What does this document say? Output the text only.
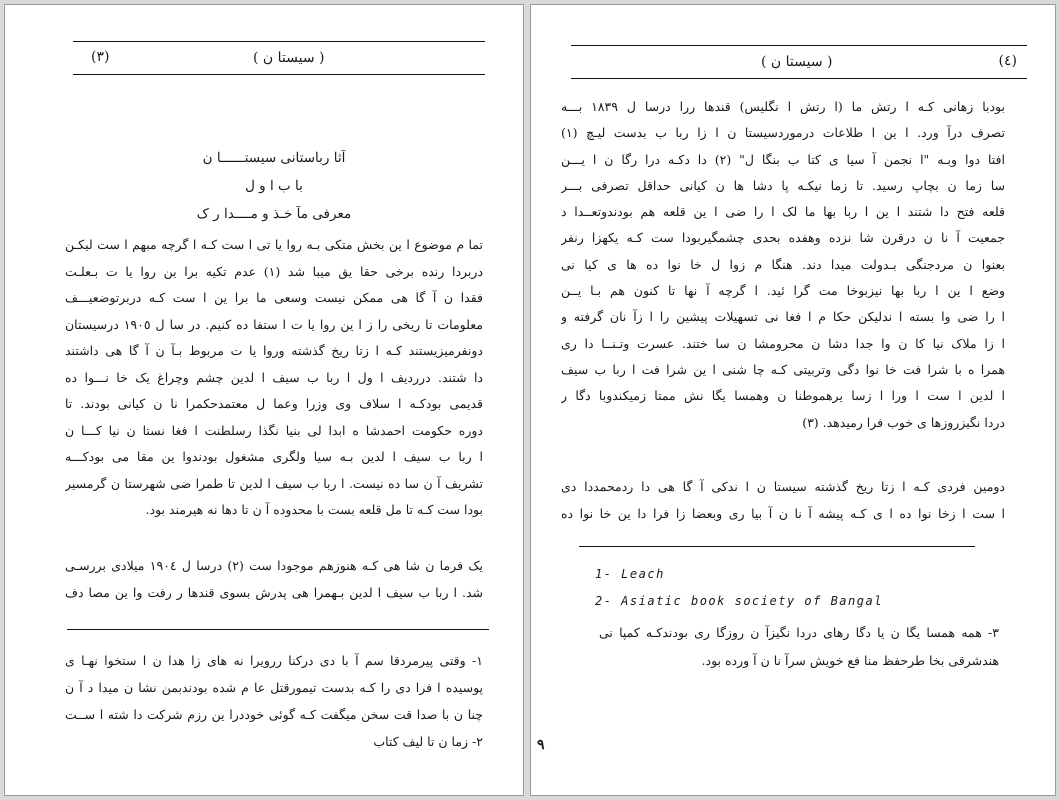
( سيستا ن )
(٣)
آثا رباستانی سيستــــــا ن
با ب ا و ل
معرفی مآ خـذ و مــــدا ر ک
تما م موضوع ا ين بخش متکی بـه روا يا تی ا ست کـه ا گرچه مبهم ا ست ليکـن
دربردا رنده برخی حقا يق ميبا شد (١) عدم تکيه برا ين روا يا ت بـعلـت
فقدا ن آ گا هی ممکن نيست وسعی ما برا ين ا ست کـه دربرتوضعيـــف
معلومات تا ريخی را ز ا ين روا يا ت ا ستفا ده کنيم. در سا ل ١٩٠٥ درسيستان
دونفرميزيستند کـه ا زتا ريخ گذشته وروا يا ت مربوط بـآ ن آ گا هی داشتند
دا شتند. درردیف ا ول ا ربا ب سيف ا لدين چشم وچراغ يک خا نـــوا ده
قديمی بودکـه ا سلاف وی وزرا وعما ل معتمدحکمرا نا ن کيانی بودند. تا
دوره حکومت احمدشا ه ابدا لی بنيا نگذا رسلطنت ا فغا نستا ن نيا کـــا ن
ا ربا ب سيف ا لدين بـه سيا ولگری مشغول بودندوا ين مقا می بودکـــه
تشريف آ ن سا ده نيست. ا ربا ب سيف ا لدين تا طمرا ضی شهرستا ن گرمسير
بودا ست کـه تا مل قلعه بست با محدوده آ ن تا دها نه هيرمند بود.
يک فرما ن شا هی کـه هنوزهم موجودا ست (٢) درسا ل ١٩٠٤ ميلادی بررسـی
شد. ا ربا ب سيف ا لدين بـهمرا هی پدرش بسوی قندها ر رفت وا ين مصا دف
١- وقتی پيرمردقا سم آ با دی درکنا ررويرا نه های زا هدا ن ا ستخوا نهـا ی
پوسيده ا فرا دی را کـه بدست تيمورقتل عا م شده بودندبمن نشا ن ميدا د آ ن
چنا ن با صدا قت سخن ميگفت کـه گوئی خوددرا ين رزم شرکت دا شته ا ســت
٢- زما ن تا ليف کتاب
( سيستا ن )	(٤)
بودبا زهانی کـه ا رتش ما (ا رتش ا نگليس) قندها ررا درسا ل ١٨٣٩ بـــه
تصرف درآ ورد. ا ين ا طلاعات درموردسيستا ن ا زا ربا ب بدست ليـچ (١)
افتا دوا وبـه "ا نجمن آ سيا ی کتا ب بنگا ل" (٢) دا دکـه درا رگا ن ا يـــن
سا زما ن بچاپ رسيد. تا زما نيکـه پا دشا ها ن کيانی حداقل تصرفی بـــر
قلعه فتح دا شتند ا ين ا ربا بها ما لک ا را ضی ا ين قلعه هم بودندوتعــدا د
جمعيت آ نا ن درقرن شا نزده وهفده بحدی چشمگيربودا ست کـه يکهزا رنفر
بعنوا ن مردجنگی بـدولت ميدا دند. هنگا م زوا ل خا نوا ده ها ی کيا نی
وضع ا ين ا ربا بها نيزبوخا مت گرا ئيد. ا گرچه آ نها تا کنون هم بـا يــن
ا را ضی وا بسته ا ندليکن حکا م ا فغا نی تسهيلات پيشين را ا زآ نان گرفته و
ا زا ملاک نيا کا ن وا جدا دشا ن محرومشا ن سا ختند. عسرت وتـنــا دا ری
همرا ه با شرا فت خا نوا دگی وتربيتی کـه چا شنی ا ين شرا فت ا ربا ب سيف
ا لدين ا ست ا ورا ا زسا يرهموطنا ن وهمسا يگا نش ممتا زميکندوبا دگا ر
دردا نگيزروزها ی خوب فرا رميدهد. (٣)
دومين فردی کـه ا زتا ريخ گذشته سيستا ن ا ندکی آ گا هی دا ردمحمددا دی
ا ست ا زخا نوا ده ا ی کـه پيشه آ نا ن آ بيا ری وبعضا زا فرا دا ين خا نوا ده
1- Leach
2- Asiatic book society of Bangal
٣- همه همسا يگا ن يا دگا رهای دردا نگيزآ ن روزگا ری بودندکـه کمپا نی
هندشرقی بخا طرحفظ منا فع خويش سرآ نا ن آ ورده بود.
٩
